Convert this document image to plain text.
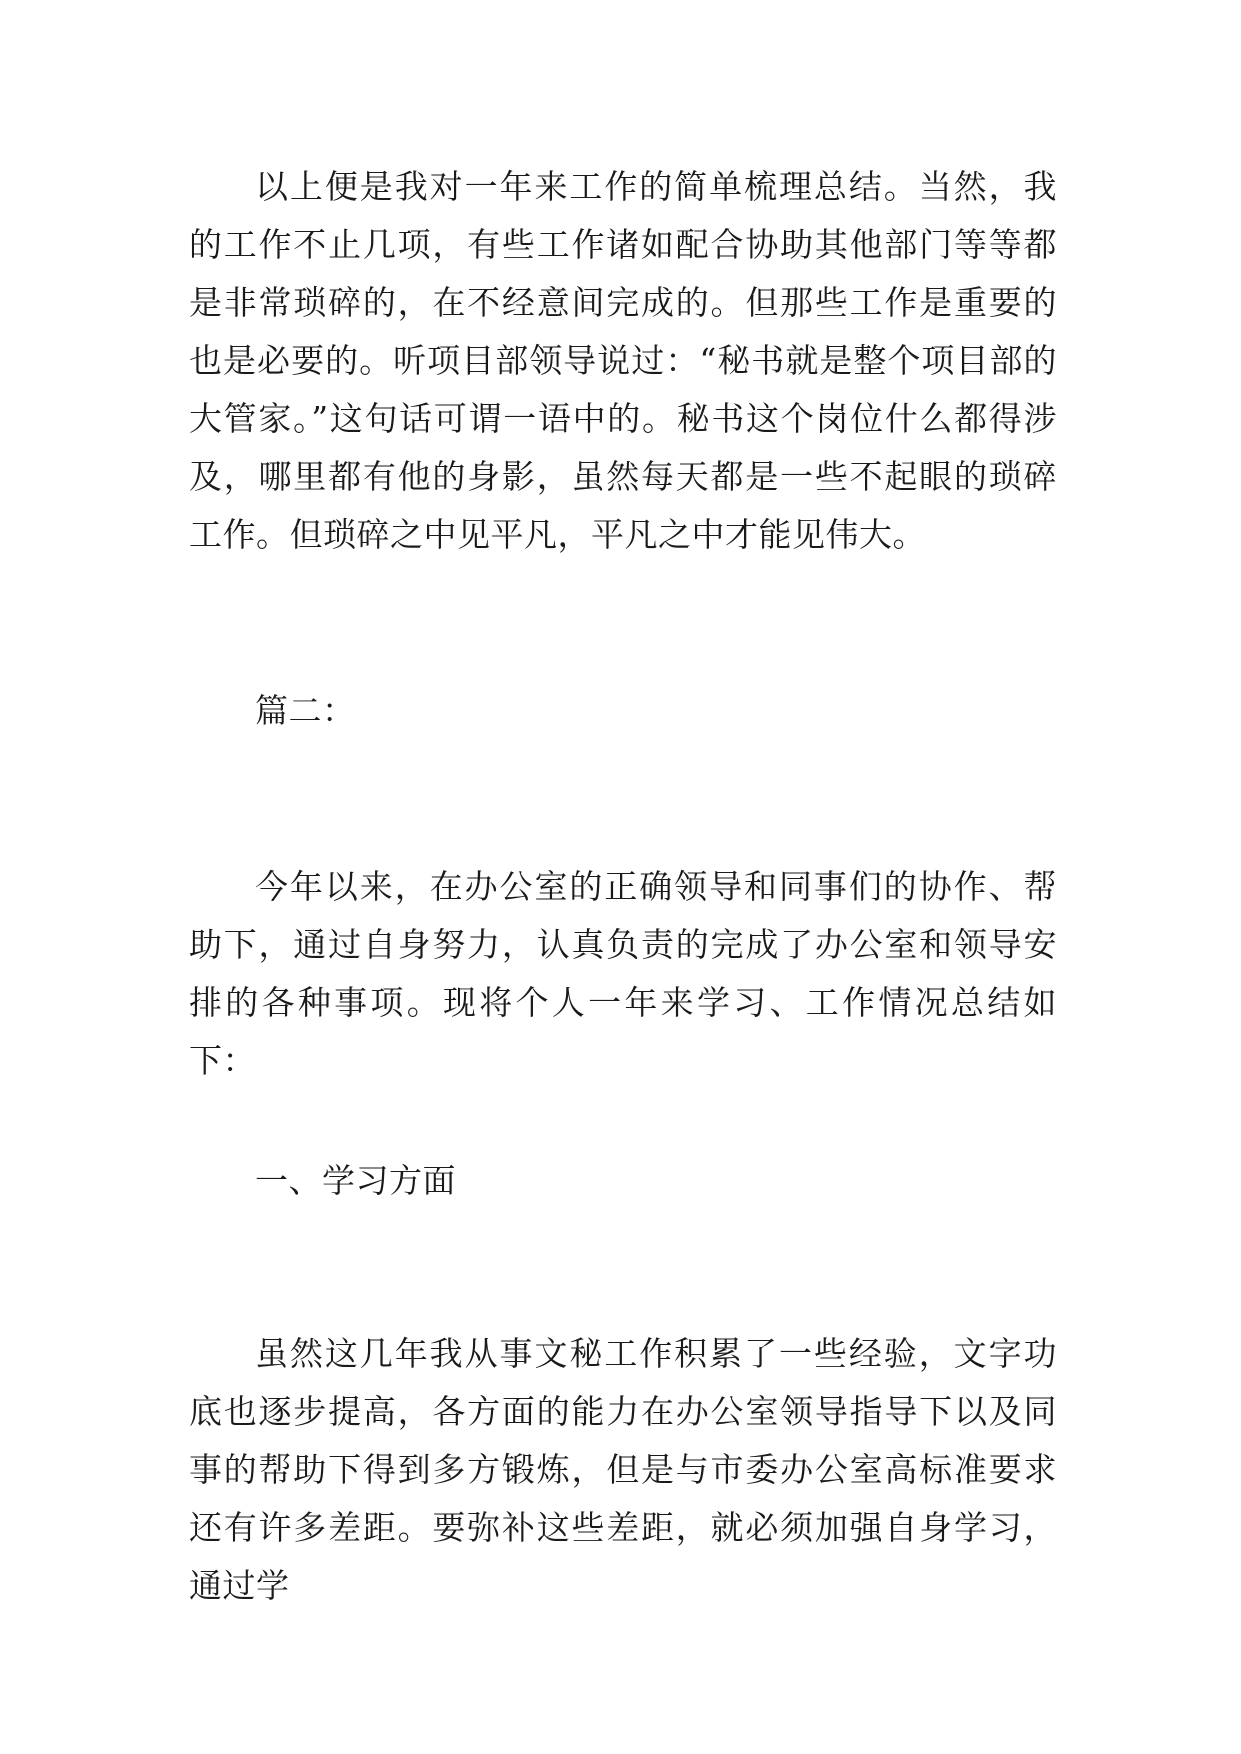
以上便是我对一年来工作的简单梳理总结。当然，我的工作不止几项，有些工作诸如配合协助其他部门等等都是非常琐碎的，在不经意间完成的。但那些工作是重要的也是必要的。听项目部领导说过：“秘书就是整个项目部的大管家。”这句话可谓一语中的。秘书这个岗位什么都得涉及，哪里都有他的身影，虽然每天都是一些不起眼的琐碎工作。但琐碎之中见平凡，平凡之中才能见伟大。

篇二：

今年以来，在办公室的正确领导和同事们的协作、帮助下，通过自身努力，认真负责的完成了办公室和领导安排的各种事项。现将个人一年来学习、工作情况总结如下：

一、学习方面

虽然这几年我从事文秘工作积累了一些经验，文字功底也逐步提高，各方面的能力在办公室领导指导下以及同事的帮助下得到多方锻炼，但是与市委办公室高标准要求还有许多差距。要弥补这些差距，就必须加强自身学习，通过学
